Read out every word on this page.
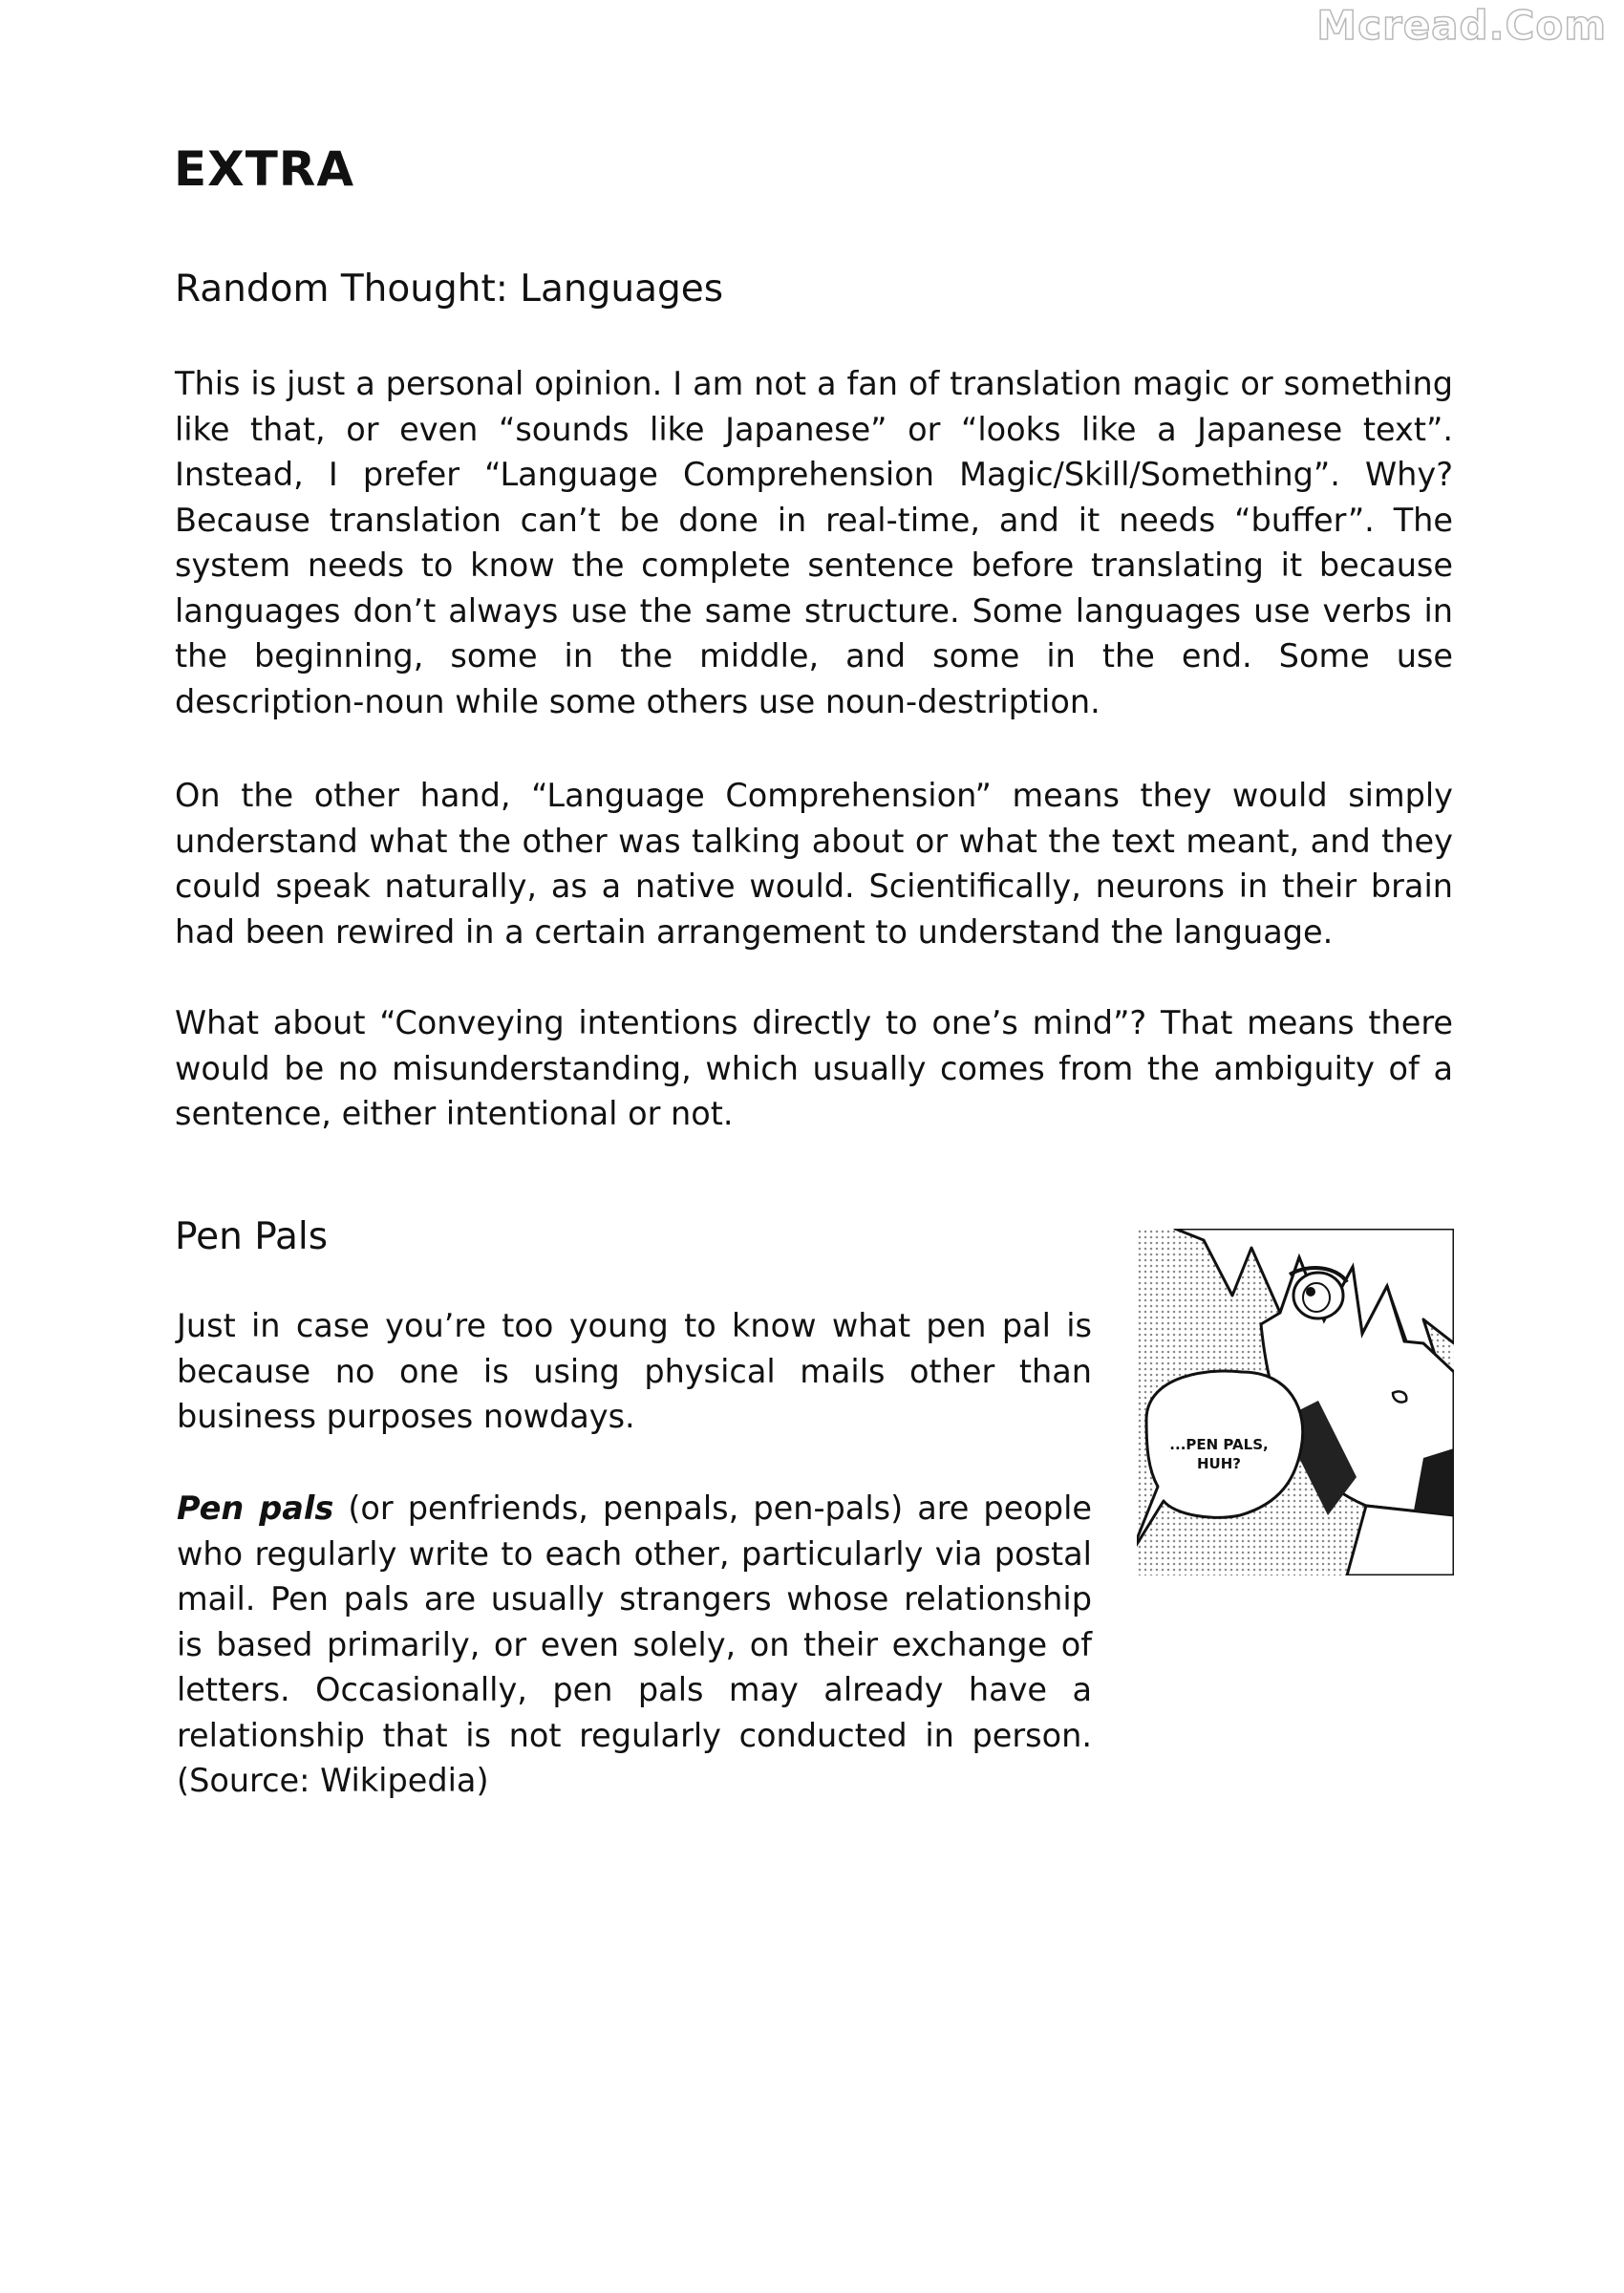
Mcread.Com
EXTRA
Random Thought: Languages

This is just a personal opinion. I am not a fan of translation magic or something like that, or even “sounds like Japanese” or “looks like a Japanese text”. Instead, I prefer “Language Comprehension Magic/Skill/Something”. Why? Because translation can’t be done in real-time, and it needs “buffer”. The system needs to know the complete sentence before translating it because languages don’t always use the same structure. Some languages use verbs in the beginning, some in the middle, and some in the end. Some use description-noun while some others use noun-destription.

On the other hand, “Language Comprehension” means they would simply understand what the other was talking about or what the text meant, and they could speak naturally, as a native would. Scientifically, neurons in their brain had been rewired in a certain arrangement to understand the language.

What about “Conveying intentions directly to one’s mind”? That means there would be no misunderstanding, which usually comes from the ambiguity of a sentence, either intentional or not.

Pen Pals

Just in case you’re too young to know what pen pal is because no one is using physical mails other than business purposes nowdays.

Pen pals (or penfriends, penpals, pen-pals) are people who regularly write to each other, particularly via postal mail. Pen pals are usually strangers whose relationship is based primarily, or even solely, on their exchange of letters. Occasionally, pen pals may already have a relationship that is not regularly conducted in person. (Source: Wikipedia)

...PEN PALS,
HUH?
